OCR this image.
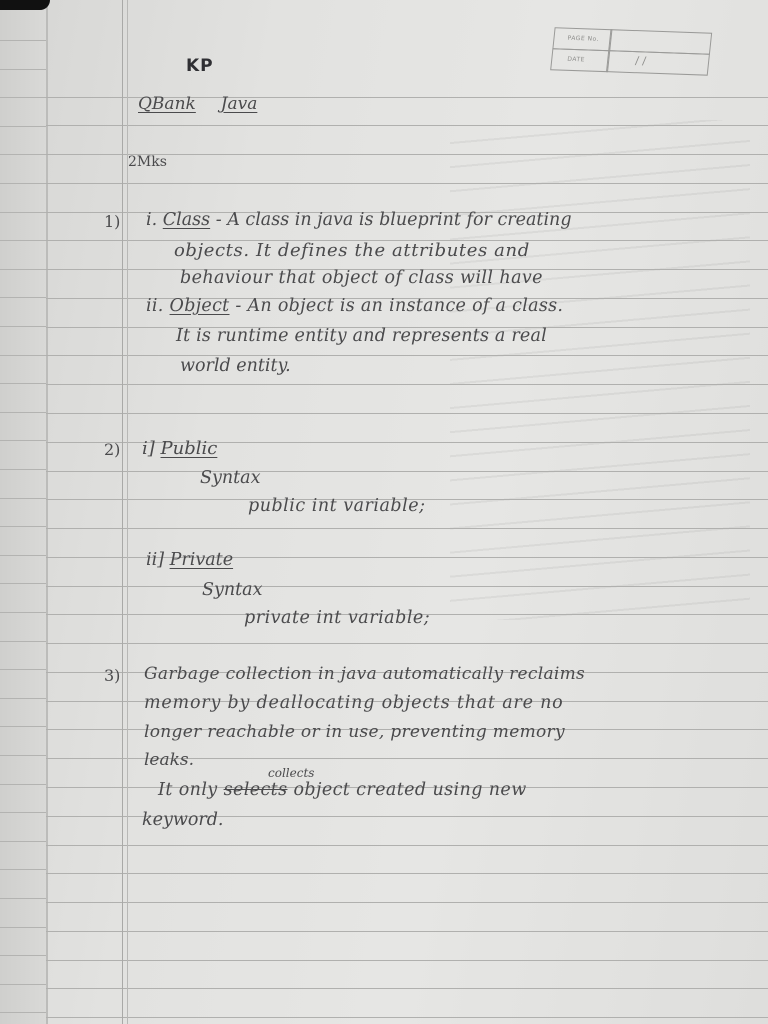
PAGE No.
DATE	/ /
KP
QBank Java
2Mks
1) i. Class - A class in java is blueprint for creating
objects. It defines the attributes and
behaviour that object of class will have
ii. Object - An object is an instance of a class.
It is runtime entity and represents a real
world entity.
2) i] Public
Syntax
public int variable;
ii] Private
Syntax
private int variable;
3) Garbage collection in java automatically reclaims
memory by deallocating objects that are no
longer reachable or in use, preventing memory
leaks.
collects
It only selects object created using new
keyword.
